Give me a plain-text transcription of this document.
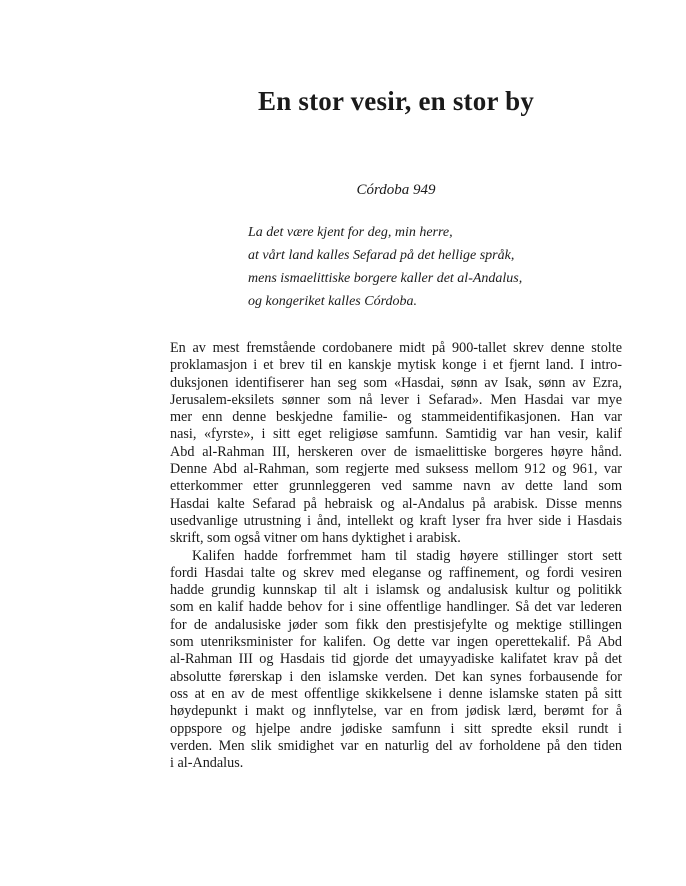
En stor vesir, en stor by

Córdoba 949

La det være kjent for deg, min herre,
at vårt land kalles Sefarad på det hellige språk,
mens ismaelittiske borgere kaller det al-Andalus,
og kongeriket kalles Córdoba.
En av mest fremstående cordobanere midt på 900-tallet skrev denne stolte
proklamasjon i et brev til en kanskje mytisk konge i et fjernt land. I intro-
duksjonen identifiserer han seg som «Hasdai, sønn av Isak, sønn av Ezra,
Jerusalem-eksilets sønner som nå lever i Sefarad». Men Hasdai var mye
mer enn denne beskjedne familie- og stammeidentifikasjonen. Han var
nasi, «fyrste», i sitt eget religiøse samfunn. Samtidig var han vesir, kalif
Abd al-Rahman III, herskeren over de ismaelittiske borgeres høyre hånd.
Denne Abd al-Rahman, som regjerte med suksess mellom 912 og 961, var
etterkommer etter grunnleggeren ved samme navn av dette land som
Hasdai kalte Sefarad på hebraisk og al-Andalus på arabisk. Disse menns
usedvanlige utrustning i ånd, intellekt og kraft lyser fra hver side i Hasdais
skrift, som også vitner om hans dyktighet i arabisk.
Kalifen hadde forfremmet ham til stadig høyere stillinger stort sett
fordi Hasdai talte og skrev med eleganse og raffinement, og fordi vesiren
hadde grundig kunnskap til alt i islamsk og andalusisk kultur og politikk
som en kalif hadde behov for i sine offentlige handlinger. Så det var lederen
for de andalusiske jøder som fikk den prestisjefylte og mektige stillingen
som utenriksminister for kalifen. Og dette var ingen operettekalif. På Abd
al-Rahman III og Hasdais tid gjorde det umayyadiske kalifatet krav på det
absolutte førerskap i den islamske verden. Det kan synes forbausende for
oss at en av de mest offentlige skikkelsene i denne islamske staten på sitt
høydepunkt i makt og innflytelse, var en from jødisk lærd, berømt for å
oppspore og hjelpe andre jødiske samfunn i sitt spredte eksil rundt i
verden. Men slik smidighet var en naturlig del av forholdene på den tiden
i al-Andalus.
